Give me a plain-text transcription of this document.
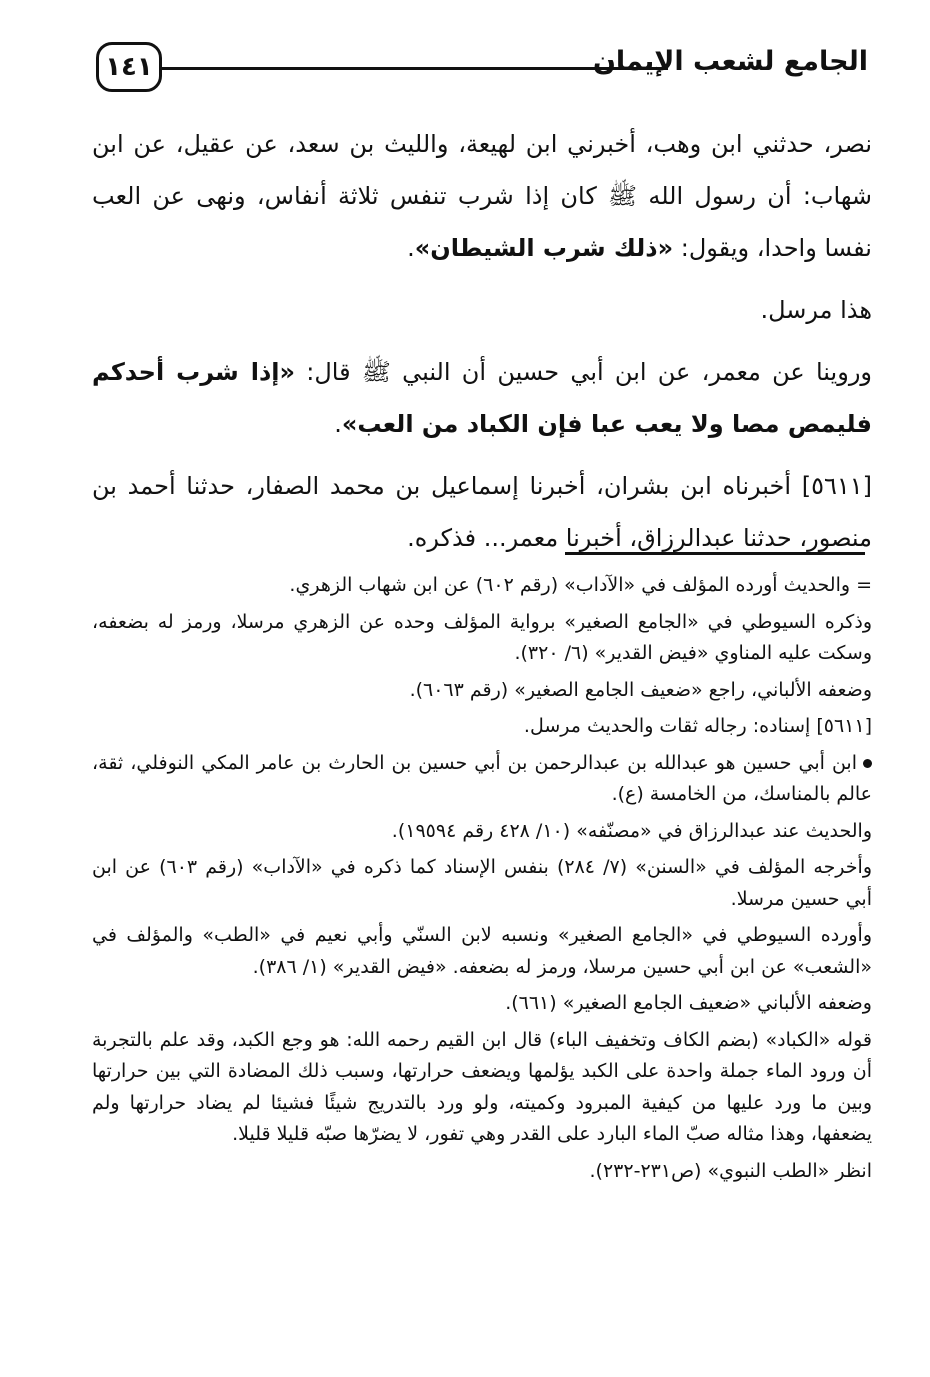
١٤١	الجامع لشعب الإيمان

نصر، حدثني ابن وهب، أخبرني ابن لهيعة، والليث بن سعد، عن عقيل، عن ابن شهاب: أن رسول الله ﷺ كان إذا شرب تنفس ثلاثة أنفاس، ونهى عن العب نفسا واحدا، ويقول: «ذلك شرب الشيطان».

هذا مرسل.

وروينا عن معمر، عن ابن أبي حسين أن النبي ﷺ قال: «إذا شرب أحدكم فليمص مصا ولا يعب عبا فإن الكباد من العب».

[٥٦١١] أخبرناه ابن بشران، أخبرنا إسماعيل بن محمد الصفار، حدثنا أحمد بن منصور، حدثنا عبدالرزاق، أخبرنا معمر... فذكره.

= والحديث أورده المؤلف في «الآداب» (رقم ٦٠٢) عن ابن شهاب الزهري.

وذكره السيوطي في «الجامع الصغير» برواية المؤلف وحده عن الزهري مرسلا، ورمز له بضعفه، وسكت عليه المناوي «فيض القدير» (٦/ ٣٢٠).

وضعفه الألباني، راجع «ضعيف الجامع الصغير» (رقم ٦٠٦٣).

[٥٦١١] إسناده: رجاله ثقات والحديث مرسل.

ابن أبي حسين هو عبدالله بن عبدالرحمن بن أبي حسين بن الحارث بن عامر المكي النوفلي، ثقة، عالم بالمناسك، من الخامسة (ع).

والحديث عند عبدالرزاق في «مصنّفه» (١٠/ ٤٢٨ رقم ١٩٥٩٤).

وأخرجه المؤلف في «السنن» (٧/ ٢٨٤) بنفس الإسناد كما ذكره في «الآداب» (رقم ٦٠٣) عن ابن أبي حسين مرسلا.

وأورده السيوطي في «الجامع الصغير» ونسبه لابن السنّي وأبي نعيم في «الطب» والمؤلف في «الشعب» عن ابن أبي حسين مرسلا، ورمز له بضعفه. «فيض القدير» (١/ ٣٨٦).

وضعفه الألباني «ضعيف الجامع الصغير» (٦٦١).

قوله «الكباد» (بضم الكاف وتخفيف الباء) قال ابن القيم رحمه الله: هو وجع الكبد، وقد علم بالتجربة أن ورود الماء جملة واحدة على الكبد يؤلمها ويضعف حرارتها، وسبب ذلك المضادة التي بين حرارتها وبين ما ورد عليها من كيفية المبرود وكميته، ولو ورد بالتدريج شيئًا فشيئا لم يضاد حرارتها ولم يضعفها، وهذا مثاله صبّ الماء البارد على القدر وهي تفور، لا يضرّها صبّه قليلا قليلا.

انظر «الطب النبوي» (ص٢٣١-٢٣٢).
